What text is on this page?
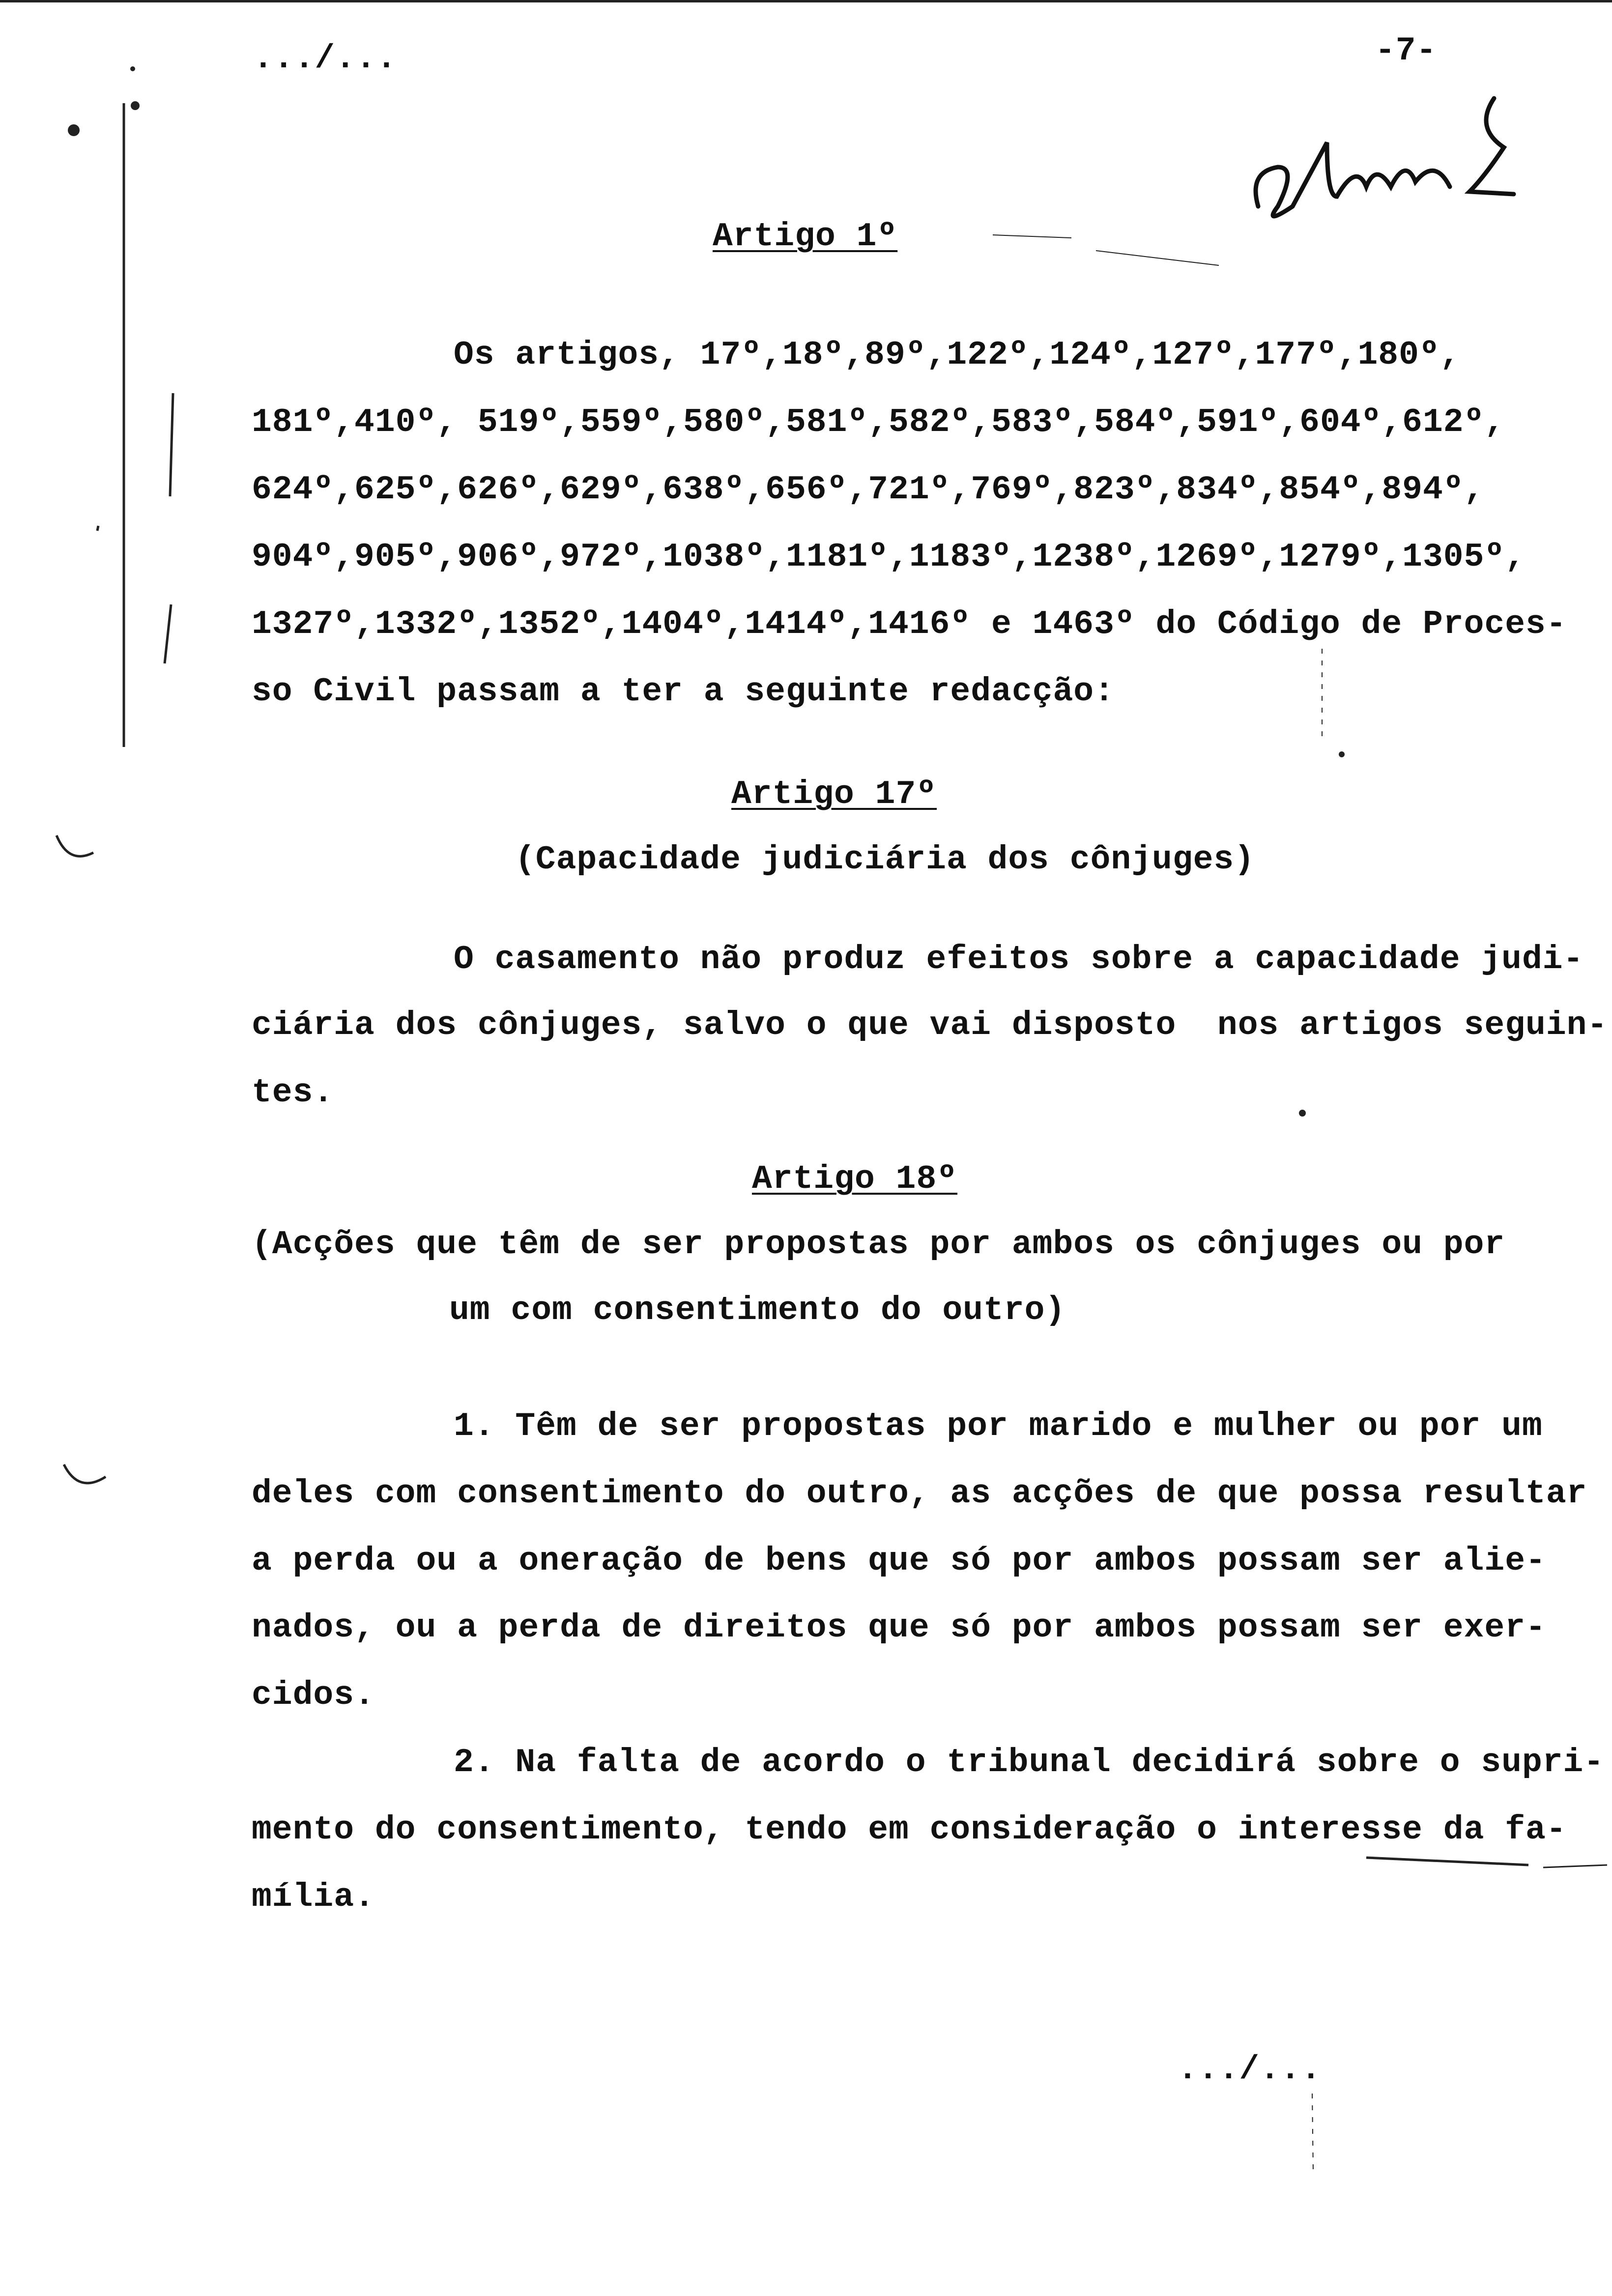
.../...	-7-
Artigo 1º
Os artigos, 17º,18º,89º,122º,124º,127º,177º,180º,
181º,410º, 519º,559º,580º,581º,582º,583º,584º,591º,604º,612º,
624º,625º,626º,629º,638º,656º,721º,769º,823º,834º,854º,894º,
904º,905º,906º,972º,1038º,1181º,1183º,1238º,1269º,1279º,1305º,
1327º,1332º,1352º,1404º,1414º,1416º e 1463º do Código de Proces-
so Civil passam a ter a seguinte redacção:
Artigo 17º
(Capacidade judiciária dos cônjuges)
O casamento não produz efeitos sobre a capacidade judi-
ciária dos cônjuges, salvo o que vai disposto  nos artigos seguin-
tes.
Artigo 18º
(Acções que têm de ser propostas por ambos os cônjuges ou por
um com consentimento do outro)
1. Têm de ser propostas por marido e mulher ou por um
deles com consentimento do outro, as acções de que possa resultar
a perda ou a oneração de bens que só por ambos possam ser alie-
nados, ou a perda de direitos que só por ambos possam ser exer-
cidos.
2. Na falta de acordo o tribunal decidirá sobre o supri-
mento do consentimento, tendo em consideração o interesse da fa-
mília.
.../...
